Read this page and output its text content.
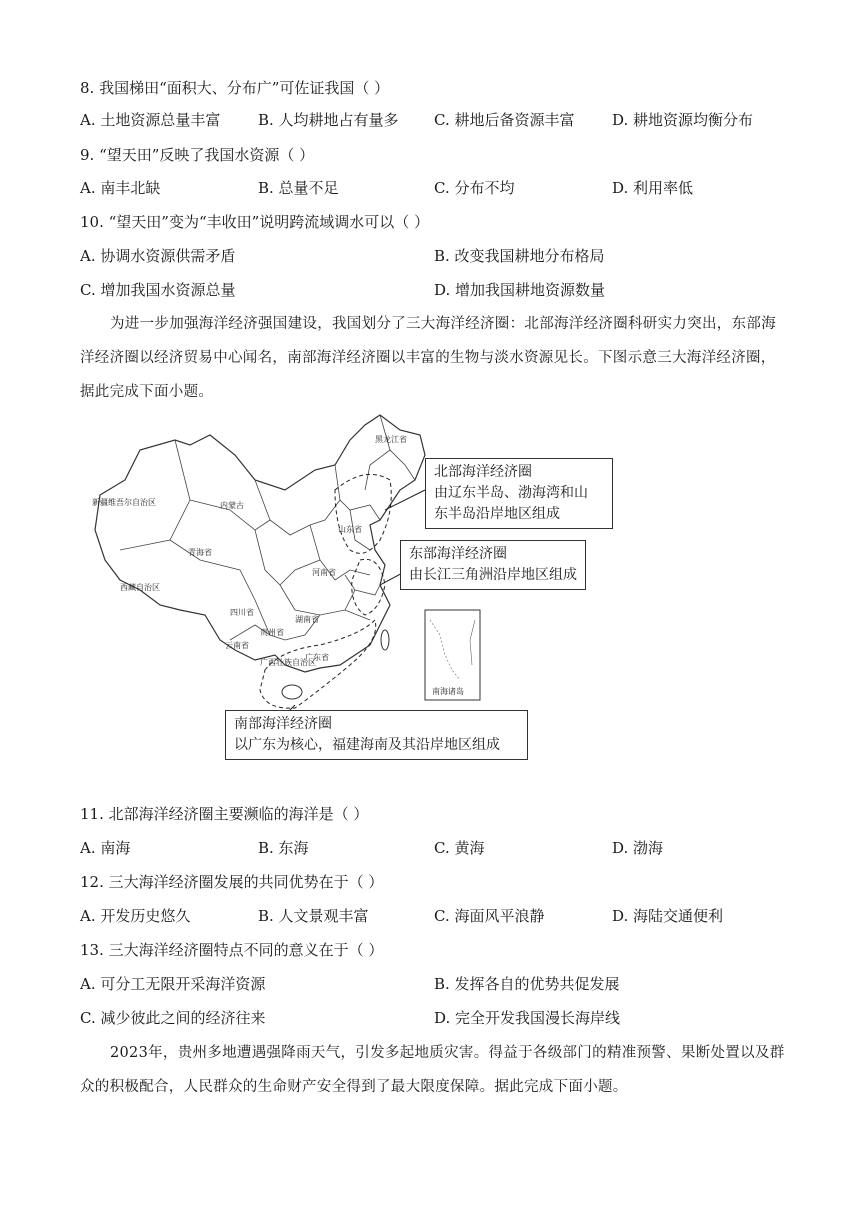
8. 我国梯田“面积大、分布广”可佐证我国（ ）
A. 土地资源总量丰富	B. 人均耕地占有量多 C. 耕地后备资源丰富	D. 耕地资源均衡分布
9. “望天田”反映了我国水资源（ ）
A. 南丰北缺	B. 总量不足	C. 分布不均	D. 利用率低
10. “望天田”变为“丰收田”说明跨流域调水可以（ ）
A. 协调水资源供需矛盾	B. 改变我国耕地分布格局
C. 增加我国水资源总量	D. 增加我国耕地资源数量
为进一步加强海洋经济强国建设，我国划分了三大海洋经济圈：北部海洋经济圈科研实力突出，东部海洋经济圈以经济贸易中心闻名，南部海洋经济圈以丰富的生物与淡水资源见长。下图示意三大海洋经济圈，据此完成下面小题。
新疆维吾尔自治区
西藏自治区
青海省
四川省
云南省
贵州省
湖南省
河南省
黑龙江省
广东省
广西壮族自治区
山东省
内蒙古
南海诸岛
北部海洋经济圈
由辽东半岛、渤海湾和山
东半岛沿岸地区组成
东部海洋经济圈
由长江三角洲沿岸地区组成
南部海洋经济圈
以广东为核心，福建海南及其沿岸地区组成
11. 北部海洋经济圈主要濒临的海洋是（ ）
A. 南海	B. 东海	C. 黄海	D. 渤海
12. 三大海洋经济圈发展的共同优势在于（ ）
A. 开发历史悠久	B. 人文景观丰富	C. 海面风平浪静	D. 海陆交通便利
13. 三大海洋经济圈特点不同的意义在于（ ）
A. 可分工无限开采海洋资源	B. 发挥各自的优势共促发展
C. 减少彼此之间的经济往来	D. 完全开发我国漫长海岸线
2023年，贵州多地遭遇强降雨天气，引发多起地质灾害。得益于各级部门的精准预警、果断处置以及群众的积极配合，人民群众的生命财产安全得到了最大限度保障。据此完成下面小题。
